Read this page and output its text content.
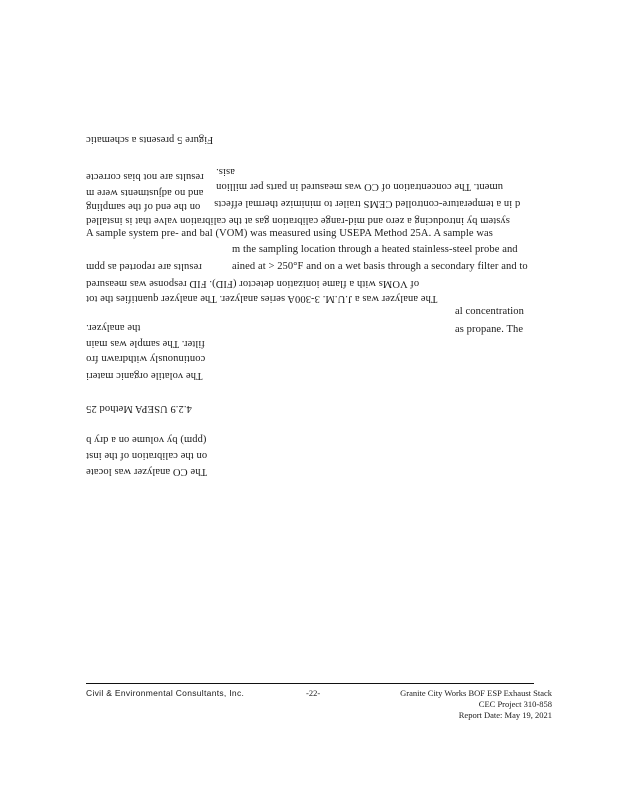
Figure 5 presents a schematic
asis.
results are not bias correcte
and no adjustments were m
ument. The concentration of CO was measured in parts per million
on the end of the sampling d in a temperature-controlled CEMS trailer to minimize thermal effects
system by introducing a zero and mid-range calibration gas at the calibration valve that is installed
A sample system pre- and bal (VOM) was measured using USEPA Method 25A. A sample was
m the sampling location through a heated stainless-steel probe and
results are reported as ppm	ained at > 250°F and on a wet basis through a secondary filter and to
of VOMs with a flame ionization detector (FID). FID response was measured
The analyzer was a J.U.M. 3-300A series analyzer. The analyzer quantifies the tot
al concentration
the analyzer.	as propane. The
filter. The sample was main
continuously withdrawn fro
The volatile organic materi
4.2.9 USEPA Method 25
(ppm) by volume on a dry b
on the calibration of the inst
The CO analyzer was locate
Civil & Environmental Consultants, Inc.	-22-	Granite City Works BOF ESP Exhaust Stack
CEC Project 310-858
Report Date: May 19, 2021
